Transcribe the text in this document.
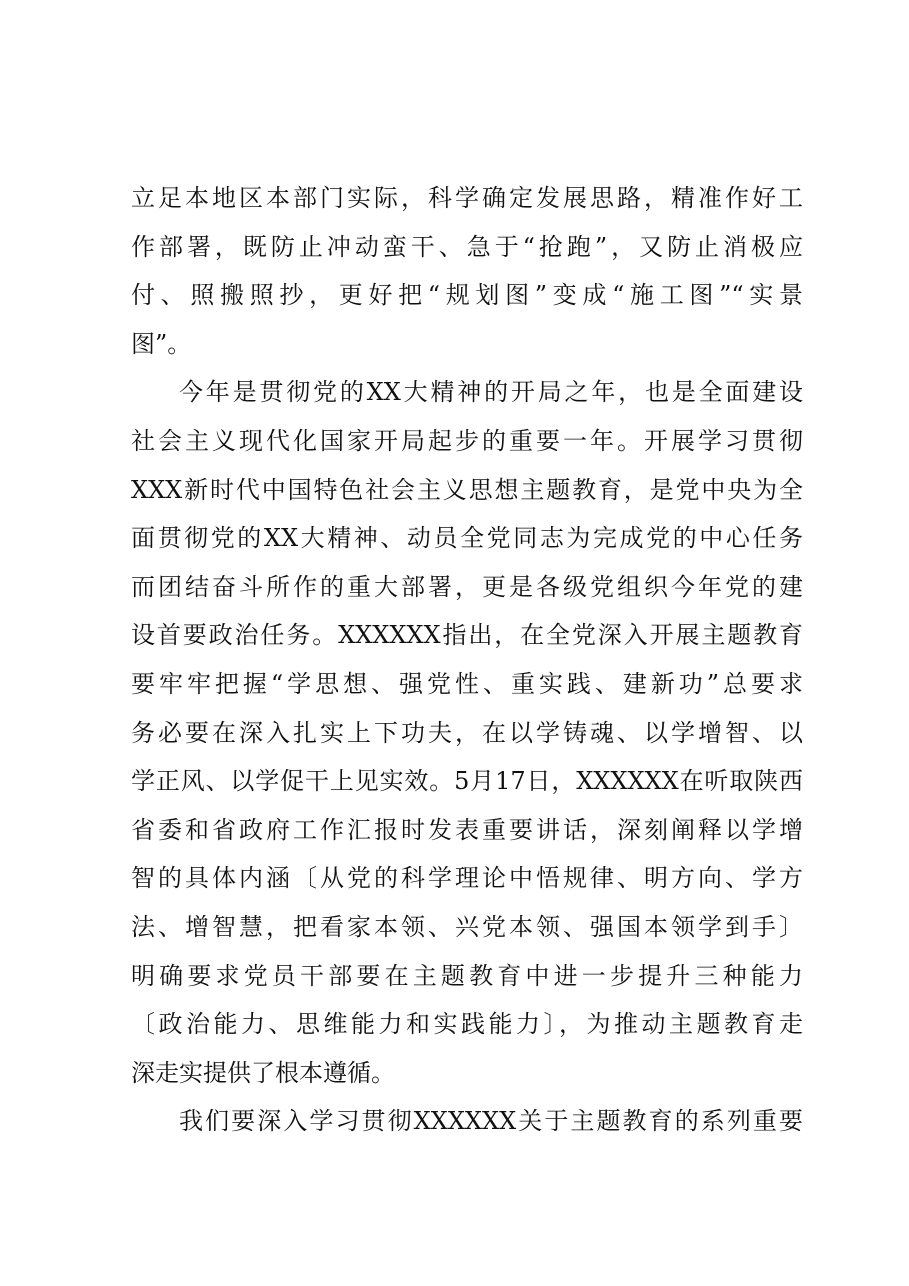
立足本地区本部门实际，科学确定发展思路，精准作好工
作部署，既防止冲动蛮干、急于“抢跑”，又防止消极应
付、照搬照抄，更好把“规划图”变成“施工图”“实景
图”。
今年是贯彻党的XX大精神的开局之年，也是全面建设
社会主义现代化国家开局起步的重要一年。开展学习贯彻
XXX新时代中国特色社会主义思想主题教育，是党中央为全
面贯彻党的XX大精神、动员全党同志为完成党的中心任务
而团结奋斗所作的重大部署，更是各级党组织今年党的建
设首要政治任务。XXXXXX指出，在全党深入开展主题教育
要牢牢把握“学思想、强党性、重实践、建新功”总要求
务必要在深入扎实上下功夫，在以学铸魂、以学增智、以
学正风、以学促干上见实效。5月17日，XXXXXX在听取陕西
省委和省政府工作汇报时发表重要讲话，深刻阐释以学增
智的具体内涵〔从党的科学理论中悟规律、明方向、学方
法、增智慧，把看家本领、兴党本领、强国本领学到手〕
明确要求党员干部要在主题教育中进一步提升三种能力
〔政治能力、思维能力和实践能力〕，为推动主题教育走
深走实提供了根本遵循。
我们要深入学习贯彻XXXXXX关于主题教育的系列重要
